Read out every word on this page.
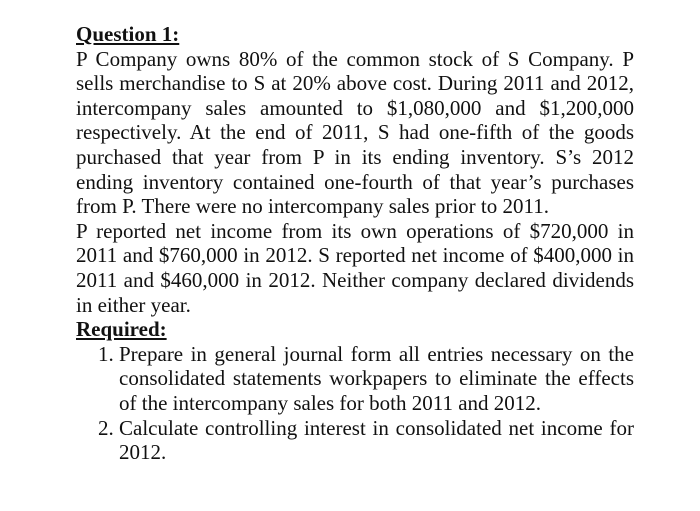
Question 1:

P Company owns 80% of the common stock of S Company. P sells merchandise to S at 20% above cost. During 2011 and 2012, intercompany sales amounted to $1,080,000 and $1,200,000 respectively. At the end of 2011, S had one-fifth of the goods purchased that year from P in its ending inventory. S’s 2012 ending inventory contained one-fourth of that year’s purchases from P. There were no intercompany sales prior to 2011.

P reported net income from its own operations of $720,000 in 2011 and $760,000 in 2012. S reported net income of $400,000 in 2011 and $460,000 in 2012. Neither company declared dividends in either year.

Required:
1. Prepare in general journal form all entries necessary on the consolidated statements workpapers to eliminate the effects of the intercompany sales for both 2011 and 2012.
2. Calculate controlling interest in consolidated net income for 2012.
